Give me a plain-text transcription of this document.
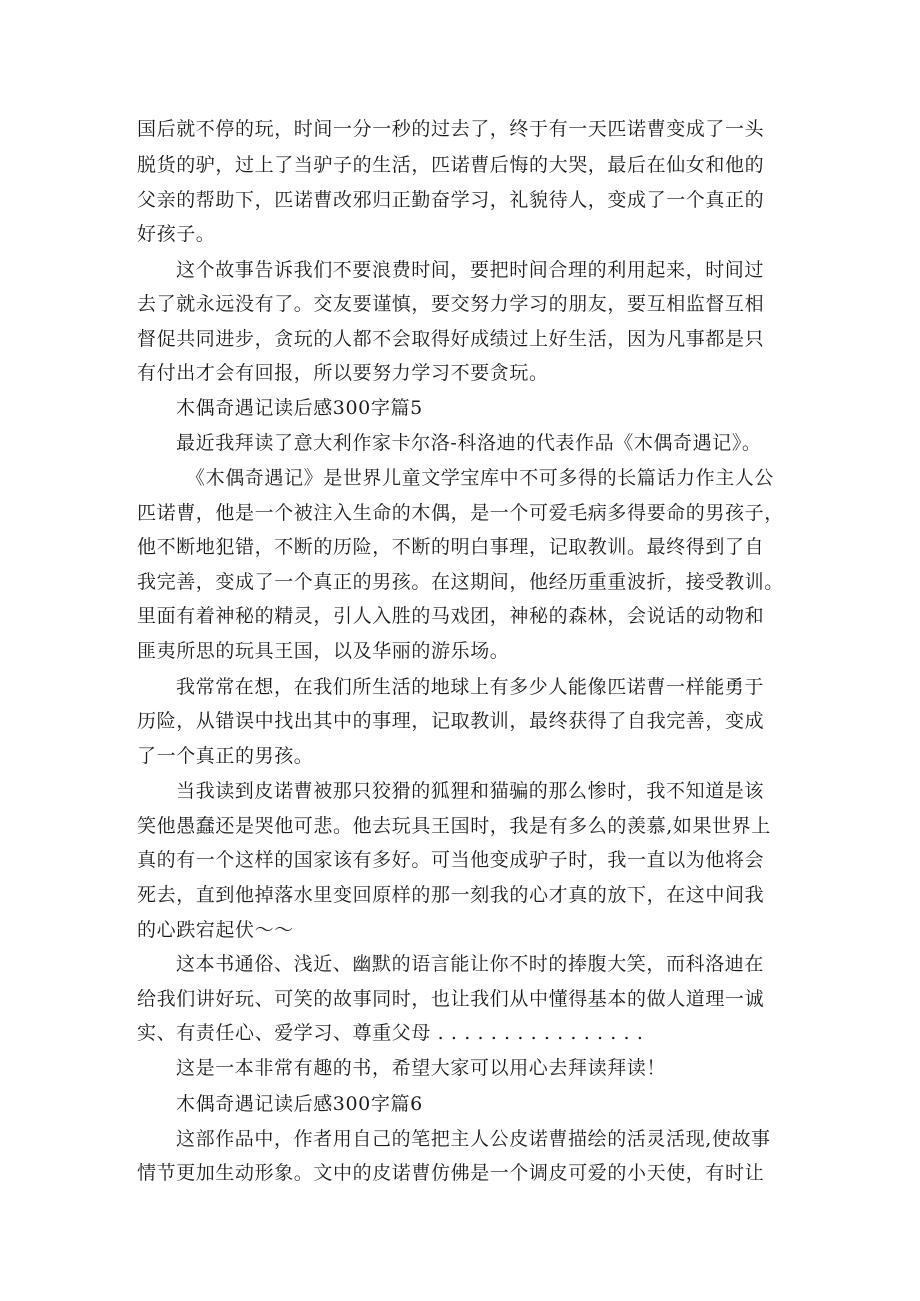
国后就不停的玩，时间一分一秒的过去了，终于有一天匹诺曹变成了一头
脱货的驴，过上了当驴子的生活，匹诺曹后悔的大哭，最后在仙女和他的
父亲的帮助下，匹诺曹改邪归正勤奋学习，礼貌待人，变成了一个真正的
好孩子。
这个故事告诉我们不要浪费时间，要把时间合理的利用起来，时间过
去了就永远没有了。交友要谨慎，要交努力学习的朋友，要互相监督互相
督促共同进步，贪玩的人都不会取得好成绩过上好生活，因为凡事都是只
有付出才会有回报，所以要努力学习不要贪玩。
木偶奇遇记读后感300字篇5
最近我拜读了意大利作家卡尔洛-科洛迪的代表作品《木偶奇遇记》。
《木偶奇遇记》是世界儿童文学宝库中不可多得的长篇话力作主人公
匹诺曹，他是一个被注入生命的木偶，是一个可爱毛病多得要命的男孩子，
他不断地犯错，不断的历险，不断的明白事理，记取教训。最终得到了自
我完善，变成了一个真正的男孩。在这期间，他经历重重波折，接受教训。
里面有着神秘的精灵，引人入胜的马戏团，神秘的森林，会说话的动物和
匪夷所思的玩具王国，以及华丽的游乐场。
我常常在想，在我们所生活的地球上有多少人能像匹诺曹一样能勇于
历险，从错误中找出其中的事理，记取教训，最终获得了自我完善，变成
了一个真正的男孩。
当我读到皮诺曹被那只狡猾的狐狸和猫骗的那么惨时，我不知道是该
笑他愚蠢还是哭他可悲。他去玩具王国时，我是有多么的羡慕,如果世界上
真的有一个这样的国家该有多好。可当他变成驴子时，我一直以为他将会
死去，直到他掉落水里变回原样的那一刻我的心才真的放下，在这中间我
的心跌宕起伏～～
这本书通俗、浅近、幽默的语言能让你不时的捧腹大笑，而科洛迪在
给我们讲好玩、可笑的故事同时，也让我们从中懂得基本的做人道理一诚
实、有责任心、爱学习、尊重父母 . . . . . . . . . . . . . . . .
这是一本非常有趣的书，希望大家可以用心去拜读拜读！
木偶奇遇记读后感300字篇6
这部作品中，作者用自己的笔把主人公皮诺曹描绘的活灵活现,使故事
情节更加生动形象。文中的皮诺曹仿佛是一个调皮可爱的小天使，有时让
